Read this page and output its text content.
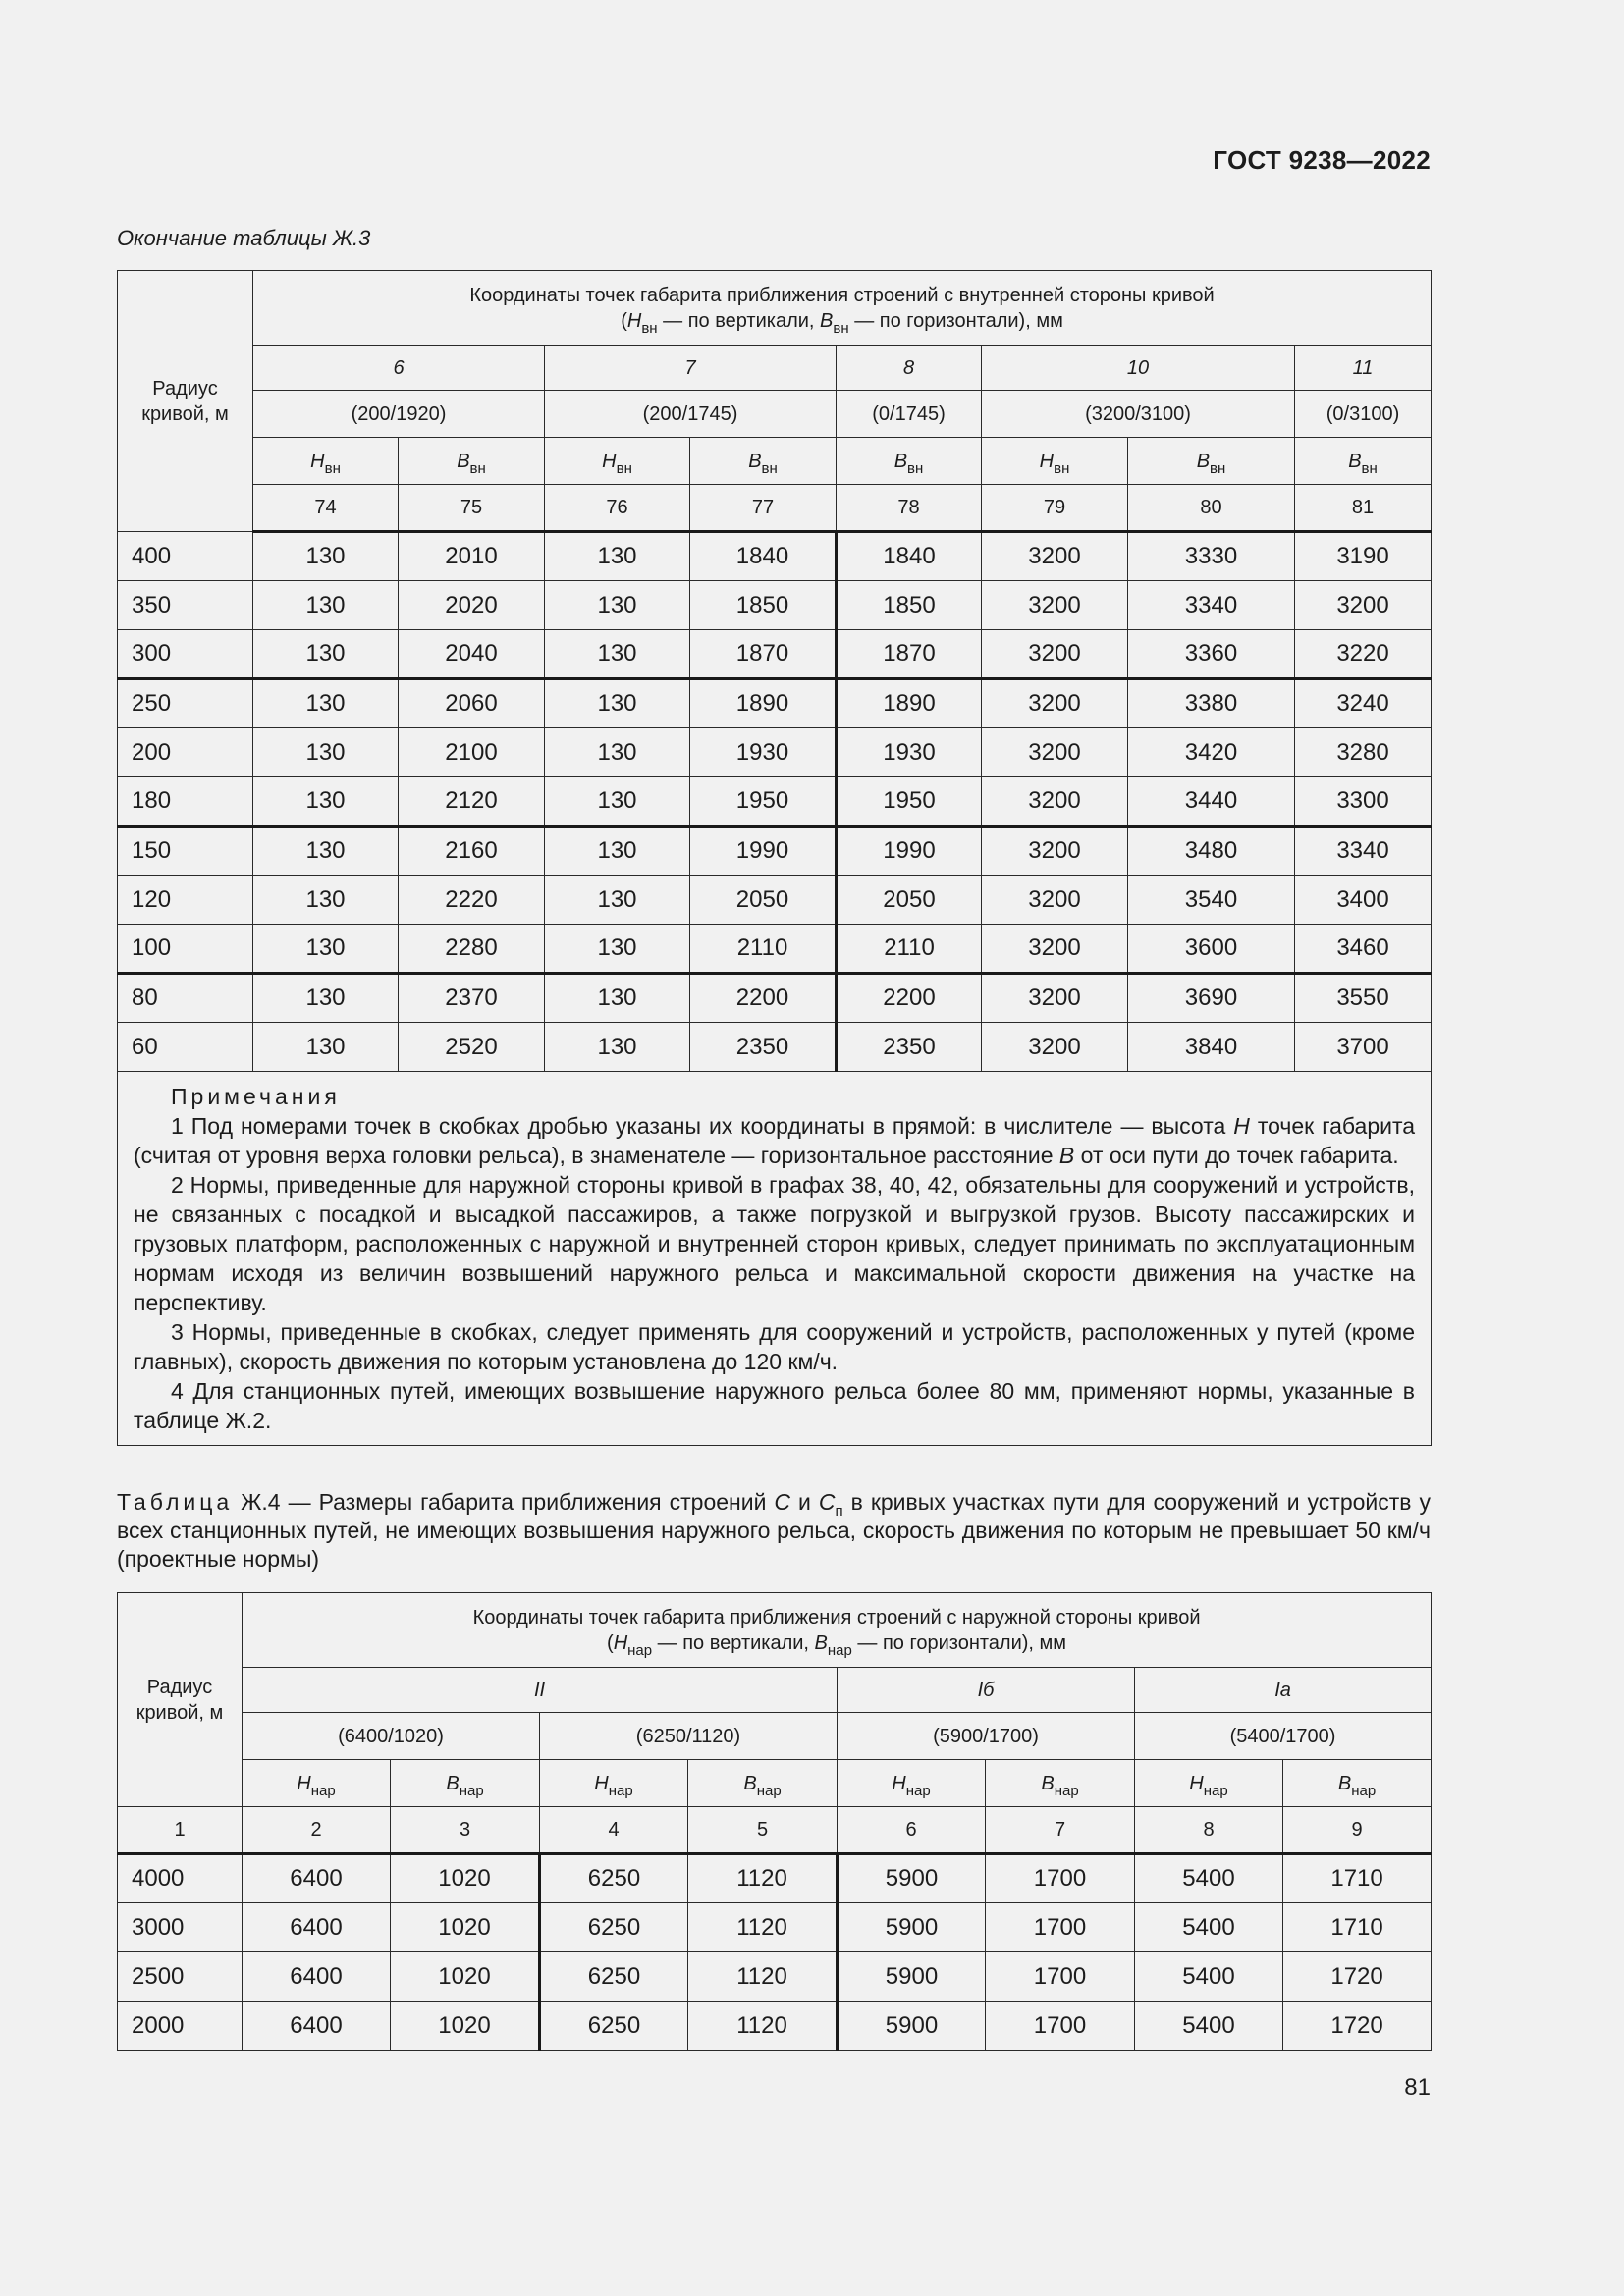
ГОСТ 9238—2022
Окончание таблицы Ж.3
Радиус кривой, м	Координаты точек габарита приближения строений с внутренней стороны кривой
($H_{вн}$ — по вертикали, $B_{вн}$ — по горизонтали), мм							
	6		7		8	10		11
	(200/1920)		(200/1745)		(0/1745)	(3200/3100)		(0/3100)
	$H_{вн}$	$B_{вн}$	$H_{вн}$	$B_{вн}$	$B_{вн}$	$H_{вн}$	$B_{вн}$	$B_{вн}$
	74	75	76	77	78	79	80	81
400	130	2010	130	1840	1840	3200	3330	3190
350	130	2020	130	1850	1850	3200	3340	3200
300	130	2040	130	1870	1870	3200	3360	3220
250	130	2060	130	1890	1890	3200	3380	3240
200	130	2100	130	1930	1930	3200	3420	3280
180	130	2120	130	1950	1950	3200	3440	3300
150	130	2160	130	1990	1990	3200	3480	3340
120	130	2220	130	2050	2050	3200	3540	3400
100	130	2280	130	2110	2110	3200	3600	3460
80	130	2370	130	2200	2200	3200	3690	3550
60	130	2520	130	2350	2350	3200	3840	3700

Примечания

1 Под номерами точек в скобках дробью указаны их координаты в прямой: в числителе — высота H точек габарита (считая от уровня верха головки рельса), в знаменателе — горизонтальное расстояние B от оси пути до точек габарита.

2 Нормы, приведенные для наружной стороны кривой в графах 38, 40, 42, обязательны для сооружений и устройств, не связанных с посадкой и высадкой пассажиров, а также погрузкой и выгрузкой грузов. Высоту пассажирских и грузовых платформ, расположенных с наружной и внутренней сторон кривых, следует принимать по эксплуатационным нормам исходя из величин возвышений наружного рельса и максимальной скорости движения на участке на перспективу.

3 Нормы, приведенные в скобках, следует применять для сооружений и устройств, расположенных у путей (кроме главных), скорость движения по которым установлена до 120 км/ч.

4 Для станционных путей, имеющих возвышение наружного рельса более 80 мм, применяют нормы, указанные в таблице Ж.2.								

Таблица Ж.4 — Размеры габарита приближения строений С и $С_п$ в кривых участках пути для сооружений и устройств у всех станционных путей, не имеющих возвышения наружного рельса, скорость движения по которым не превышает 50 км/ч (проектные нормы)
Радиус кривой, м	Координаты точек габарита приближения строений с наружной стороны кривой
($H_{нар}$ — по вертикали, $B_{нар}$ — по горизонтали), мм							
	II				Iб		Iа	
	(6400/1020)		(6250/1120)		(5900/1700)		(5400/1700)	
	$H_{нар}$	$B_{нар}$	$H_{нар}$	$B_{нар}$	$H_{нар}$	$B_{нар}$	$H_{нар}$	$B_{нар}$
1	2	3	4	5	6	7	8	9
4000	6400	1020	6250	1120	5900	1700	5400	1710
3000	6400	1020	6250	1120	5900	1700	5400	1710
2500	6400	1020	6250	1120	5900	1700	5400	1720
2000	6400	1020	6250	1120	5900	1700	5400	1720
81
